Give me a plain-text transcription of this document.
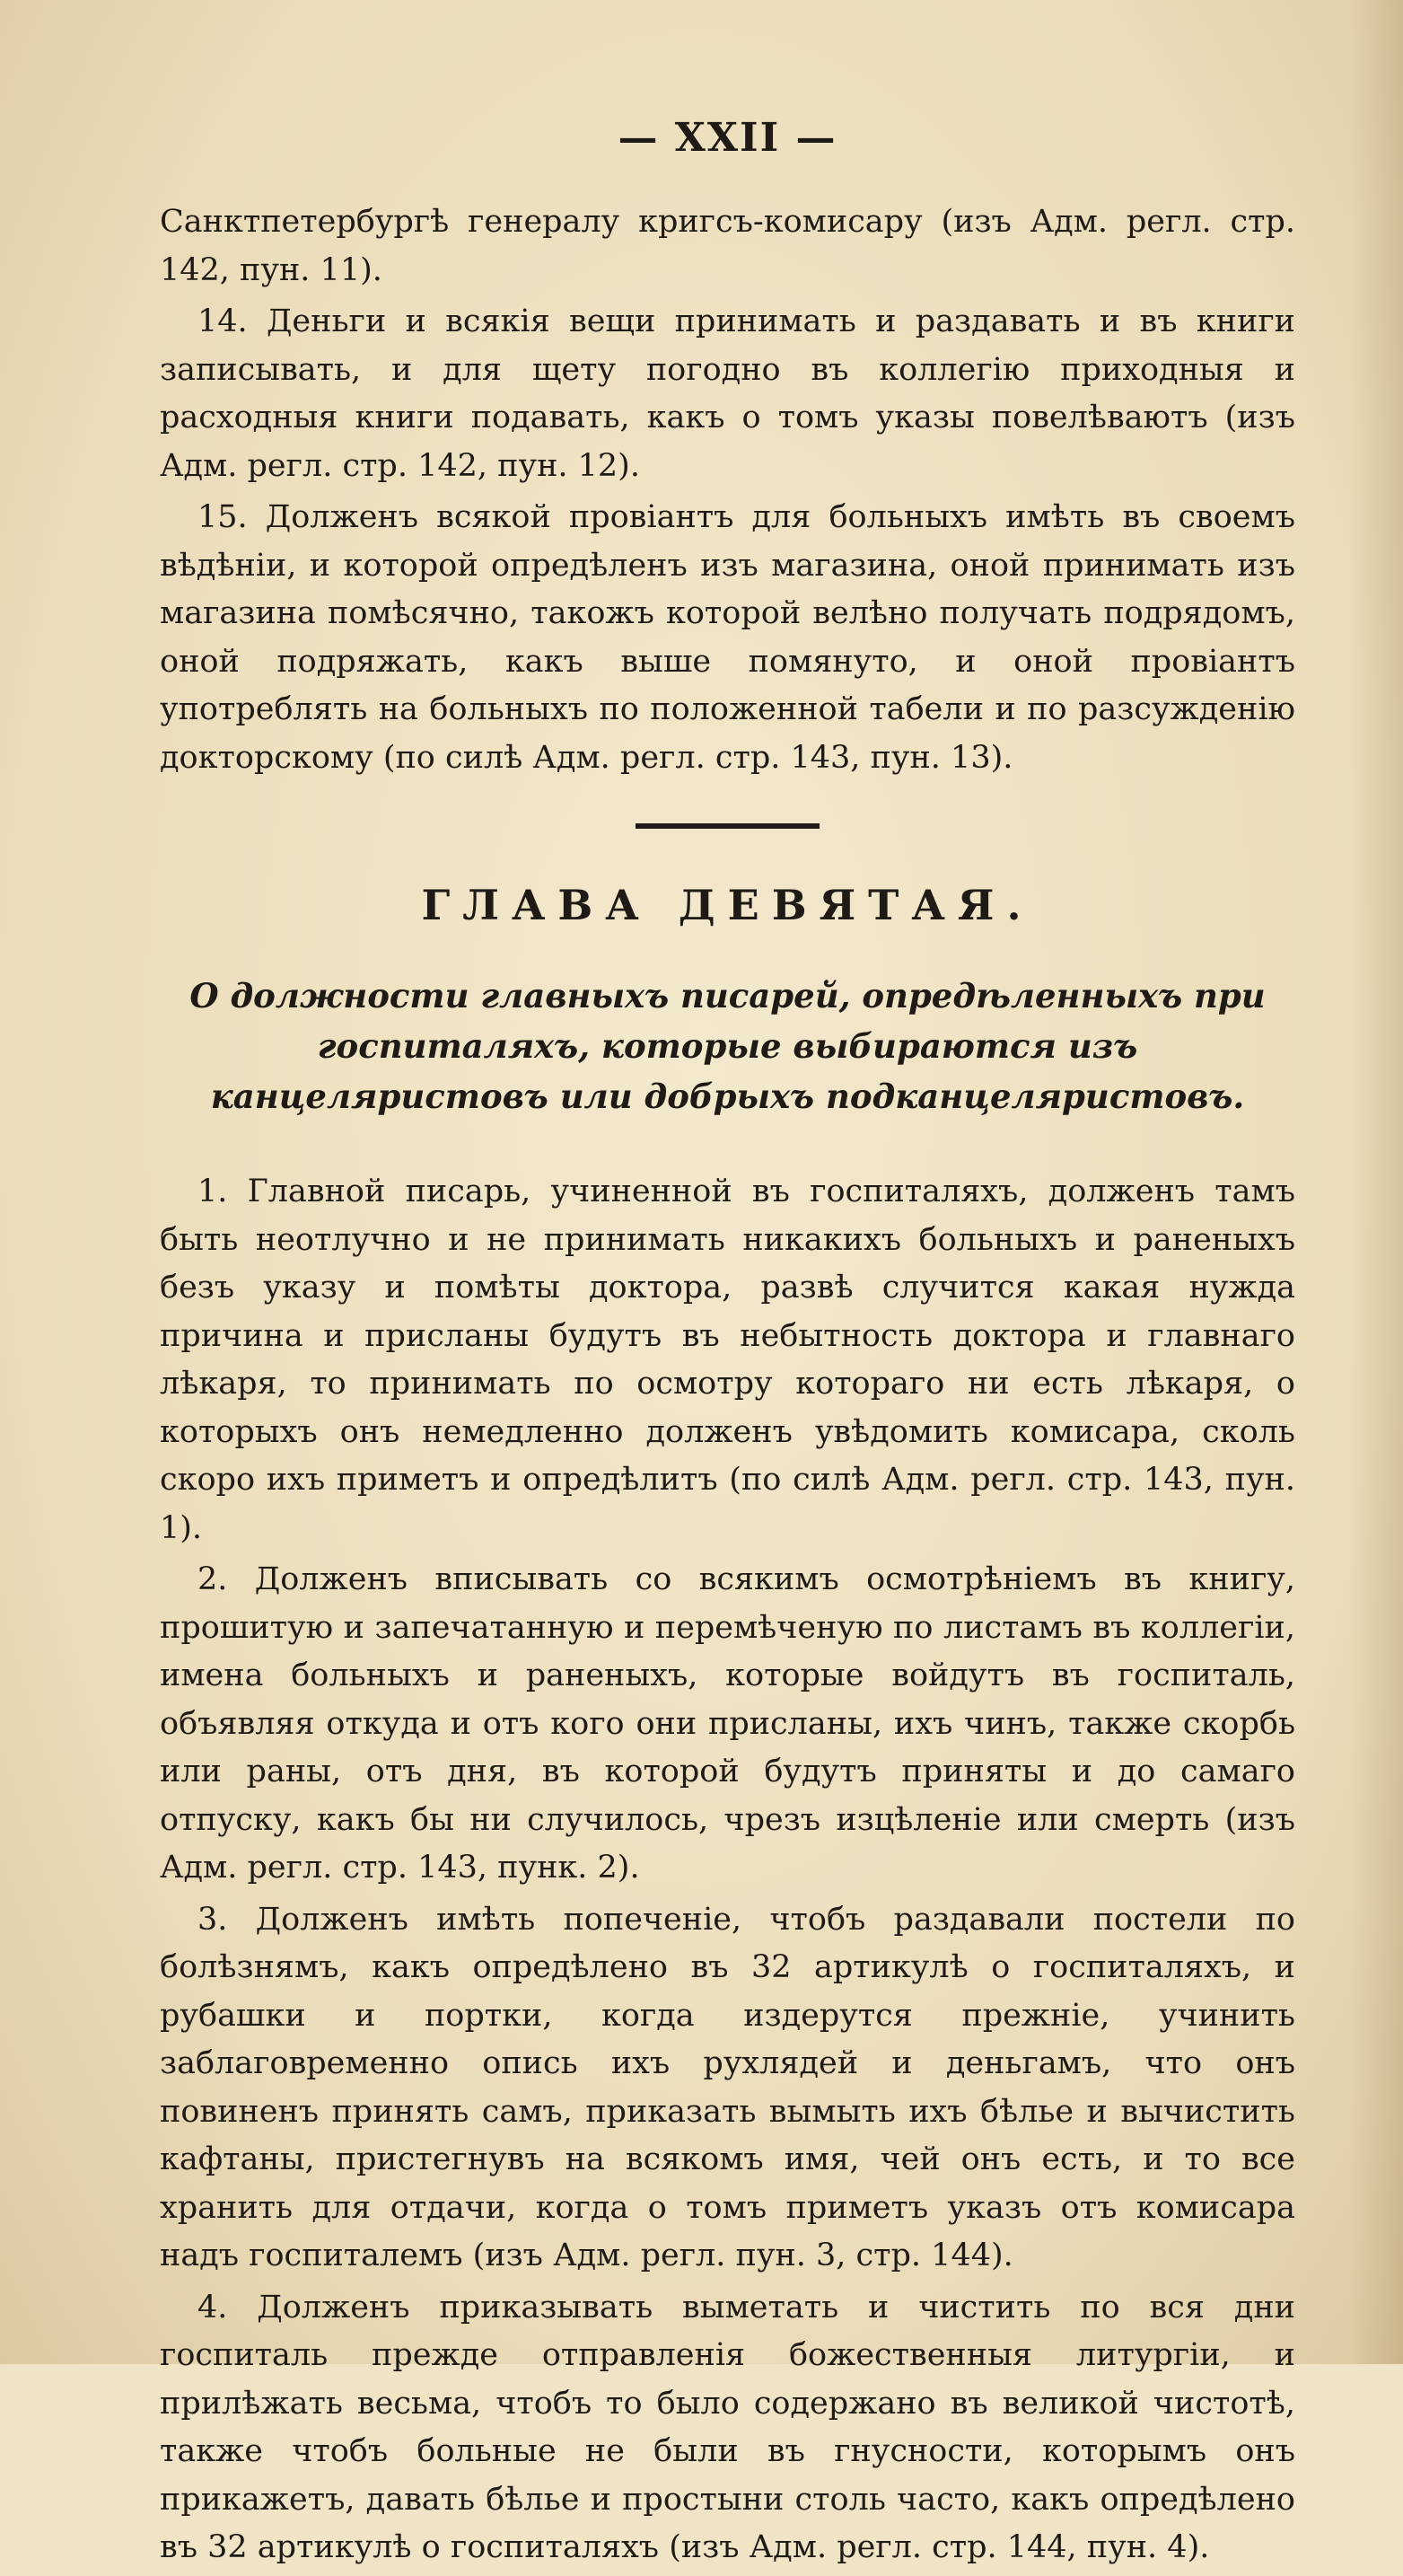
— XXII —

Санктпетербургѣ генералу кригсъ-комисару (изъ Адм. регл. стр. 142, пун. 11).

14. Деньги и всякія вещи принимать и раздавать и въ книги записывать, и для щету погодно въ коллегію приходныя и расходныя книги подавать, какъ о томъ указы повелѣваютъ (изъ Адм. регл. стр. 142, пун. 12).

15. Долженъ всякой провіантъ для больныхъ имѣть въ своемъ вѣдѣніи, и которой опредѣленъ изъ магазина, оной принимать изъ магазина помѣсячно, такожъ которой велѣно получать подрядомъ, оной подряжать, какъ выше помянуто, и оной провіантъ употреблять на больныхъ по положенной табели и по разсужденію докторскому (по силѣ Адм. регл. стр. 143, пун. 13).

ГЛАВА ДЕВЯТАЯ.
О должности главныхъ писарей, опредѣленныхъ при госпиталяхъ, которые выбираются изъ канцеляристовъ или добрыхъ подканцеляристовъ.

1. Главной писарь, учиненной въ госпиталяхъ, долженъ тамъ быть неотлучно и не принимать никакихъ больныхъ и раненыхъ безъ указу и помѣты доктора, развѣ случится какая нужда причина и присланы будутъ въ небытность доктора и главнаго лѣкаря, то принимать по осмотру котораго ни есть лѣкаря, о которыхъ онъ немедленно долженъ увѣдомить комисара, сколь скоро ихъ приметъ и опредѣлитъ (по силѣ Адм. регл. стр. 143, пун. 1).

2. Долженъ вписывать со всякимъ осмотрѣніемъ въ книгу, прошитую и запечатанную и перемѣченую по листамъ въ коллегіи, имена больныхъ и раненыхъ, которые войдутъ въ госпиталь, объявляя откуда и отъ кого они присланы, ихъ чинъ, также скорбь или раны, отъ дня, въ которой будутъ приняты и до самаго отпуску, какъ бы ни случилось, чрезъ изцѣленіе или смерть (изъ Адм. регл. стр. 143, пунк. 2).

3. Долженъ имѣть попеченіе, чтобъ раздавали постели по болѣзнямъ, какъ опредѣлено въ 32 артикулѣ о госпиталяхъ, и рубашки и портки, когда издерутся прежніе, учинить заблаговременно опись ихъ рухлядей и деньгамъ, что онъ повиненъ принять самъ, приказать вымыть ихъ бѣлье и вычистить кафтаны, пристегнувъ на всякомъ имя, чей онъ есть, и то все хранить для отдачи, когда о томъ приметъ указъ отъ комисара надъ госпиталемъ (изъ Адм. регл. пун. 3, стр. 144).

4. Долженъ приказывать выметать и чистить по вся дни госпиталь прежде отправленія божественныя литургіи, и прилѣжать весьма, чтобъ то было содержано въ великой чистотѣ, также чтобъ больные не были въ гнусности, которымъ онъ прикажетъ, давать бѣлье и простыни столь часто, какъ опредѣлено въ 32 артикулѣ о госпиталяхъ (изъ Адм. регл. стр. 144, пун. 4).
